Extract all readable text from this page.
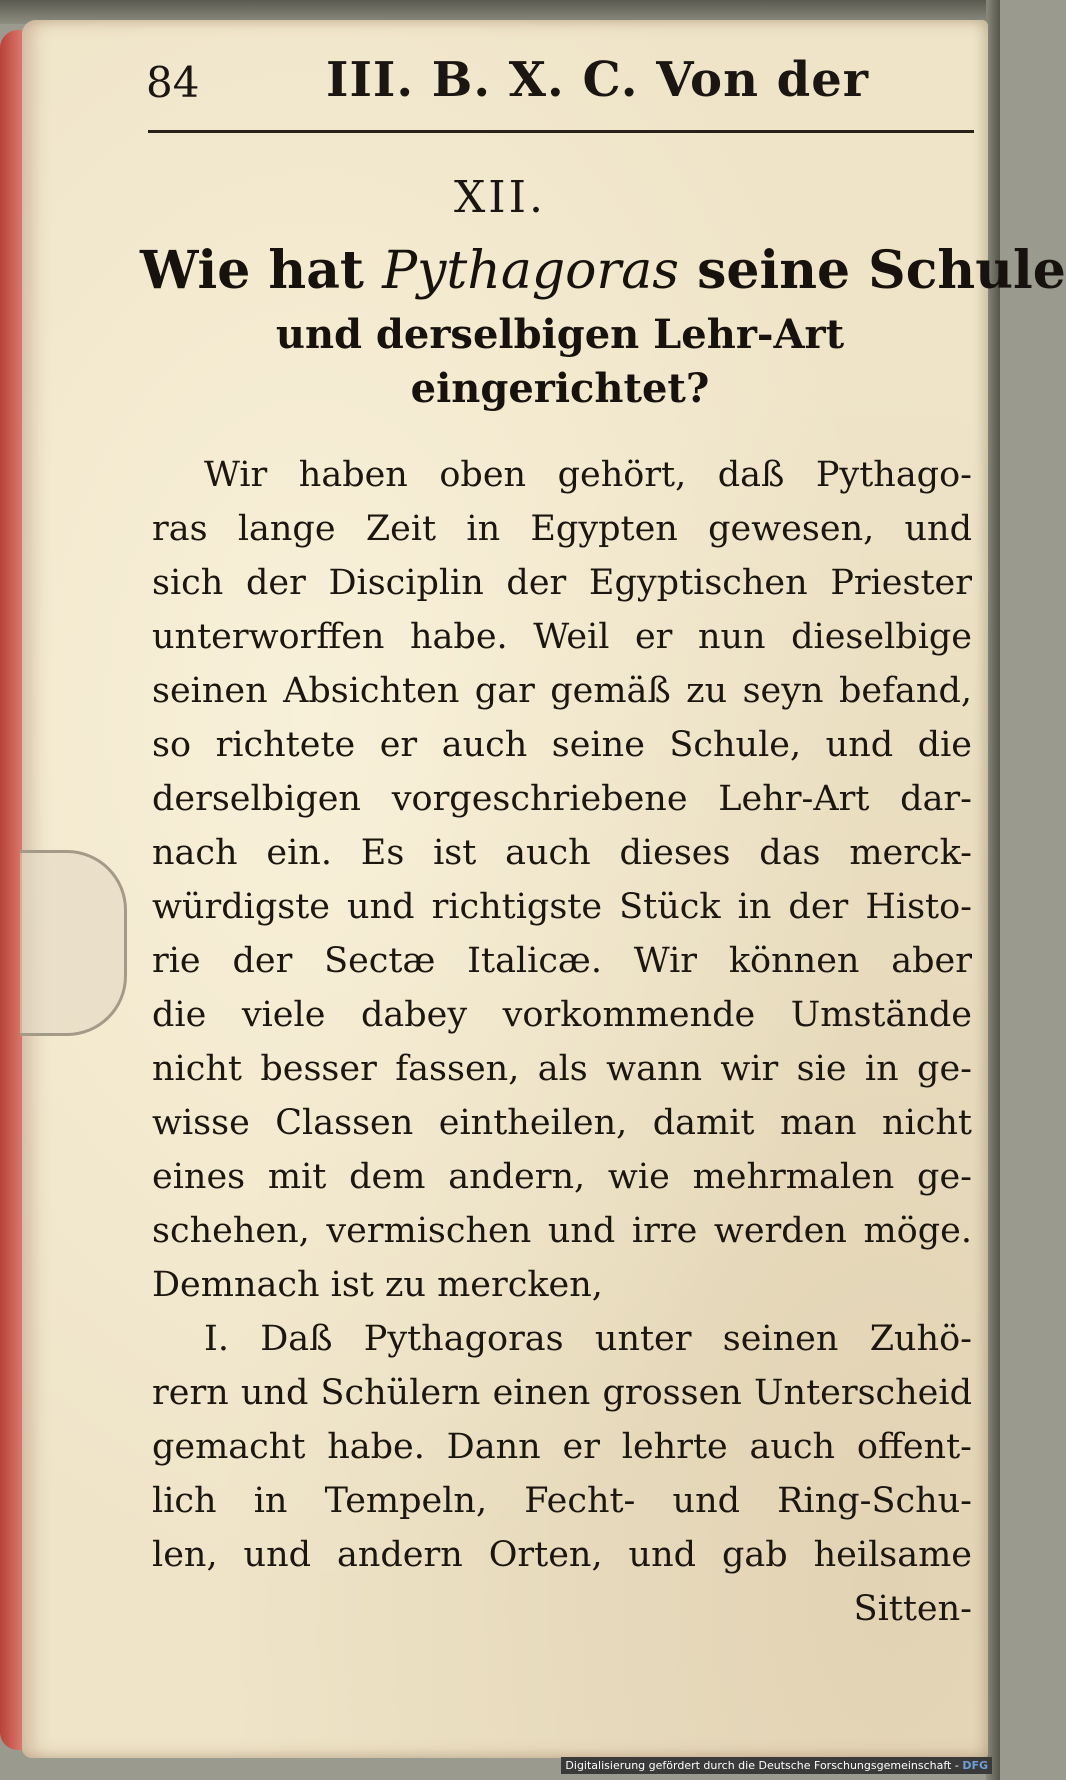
84	III. B. X. C. Von der
XII.
Wie hat Pythagoras seine Schule
und derselbigen Lehr-Art
eingerichtet?
Wir haben oben gehört, daß Pythago-
ras lange Zeit in Egypten gewesen, und
sich der Disciplin der Egyptischen Priester
unterworffen habe. Weil er nun dieselbige
seinen Absichten gar gemäß zu seyn befand,
so richtete er auch seine Schule, und die
derselbigen vorgeschriebene Lehr-Art dar-
nach ein. Es ist auch dieses das merck-
würdigste und richtigste Stück in der Histo-
rie der Sectæ Italicæ. Wir können aber
die viele dabey vorkommende Umstände
nicht besser fassen, als wann wir sie in ge-
wisse Classen eintheilen, damit man nicht
eines mit dem andern, wie mehrmalen ge-
schehen, vermischen und irre werden möge.
Demnach ist zu mercken,
I. Daß Pythagoras unter seinen Zuhö-
rern und Schülern einen grossen Unterscheid
gemacht habe. Dann er lehrte auch offent-
lich in Tempeln, Fecht- und Ring-Schu-
len, und andern Orten, und gab heilsame
Sitten-
Digitalisierung gefördert durch die Deutsche Forschungsgemeinschaft - DFG
